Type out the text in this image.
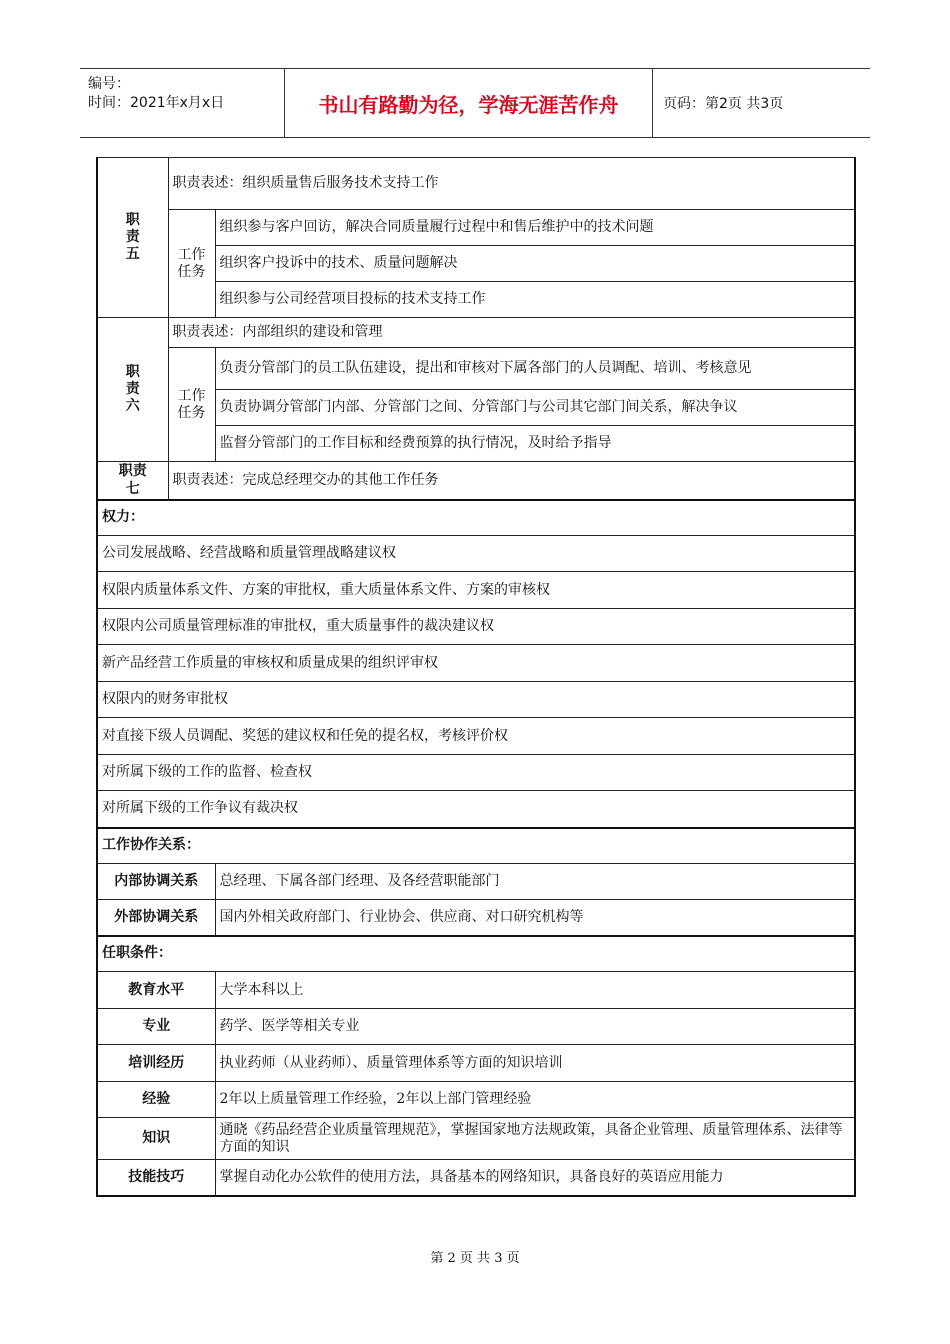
编号：
时间：2021年x月x日	书山有路勤为径，学海无涯苦作舟	页码：第2页 共3页
职
责
五	职责表述：组织质量售后服务技术支持工作	
	工作
任务	组织参与客户回访，解决合同质量履行过程中和售后维护中的技术问题
		组织客户投诉中的技术、质量问题解决
		组织参与公司经营项目投标的技术支持工作
职
责
六	职责表述：内部组织的建设和管理	
	工作
任务	负责分管部门的员工队伍建设，提出和审核对下属各部门的人员调配、培训、考核意见
		负责协调分管部门内部、分管部门之间、分管部门与公司其它部门间关系，解决争议
		监督分管部门的工作目标和经费预算的执行情况，及时给予指导
职责
七	职责表述：完成总经理交办的其他工作任务	
权力：		
公司发展战略、经营战略和质量管理战略建议权		
权限内质量体系文件、方案的审批权，重大质量体系文件、方案的审核权		
权限内公司质量管理标准的审批权，重大质量事件的裁决建议权		
新产品经营工作质量的审核权和质量成果的组织评审权		
权限内的财务审批权		
对直接下级人员调配、奖惩的建议权和任免的提名权，考核评价权		
对所属下级的工作的监督、检查权		
对所属下级的工作争议有裁决权		
工作协作关系：		
内部协调关系		总经理、下属各部门经理、及各经营职能部门
外部协调关系		国内外相关政府部门、行业协会、供应商、对口研究机构等
任职条件：		
教育水平		大学本科以上
专业		药学、医学等相关专业
培训经历		执业药师（从业药师）、质量管理体系等方面的知识培训
经验		2年以上质量管理工作经验，2年以上部门管理经验
知识		通晓《药品经营企业质量管理规范》，掌握国家地方法规政策，具备企业管理、质量管理体系、法律等方面的知识
技能技巧		掌握自动化办公软件的使用方法，具备基本的网络知识，具备良好的英语应用能力
第 2 页 共 3 页
